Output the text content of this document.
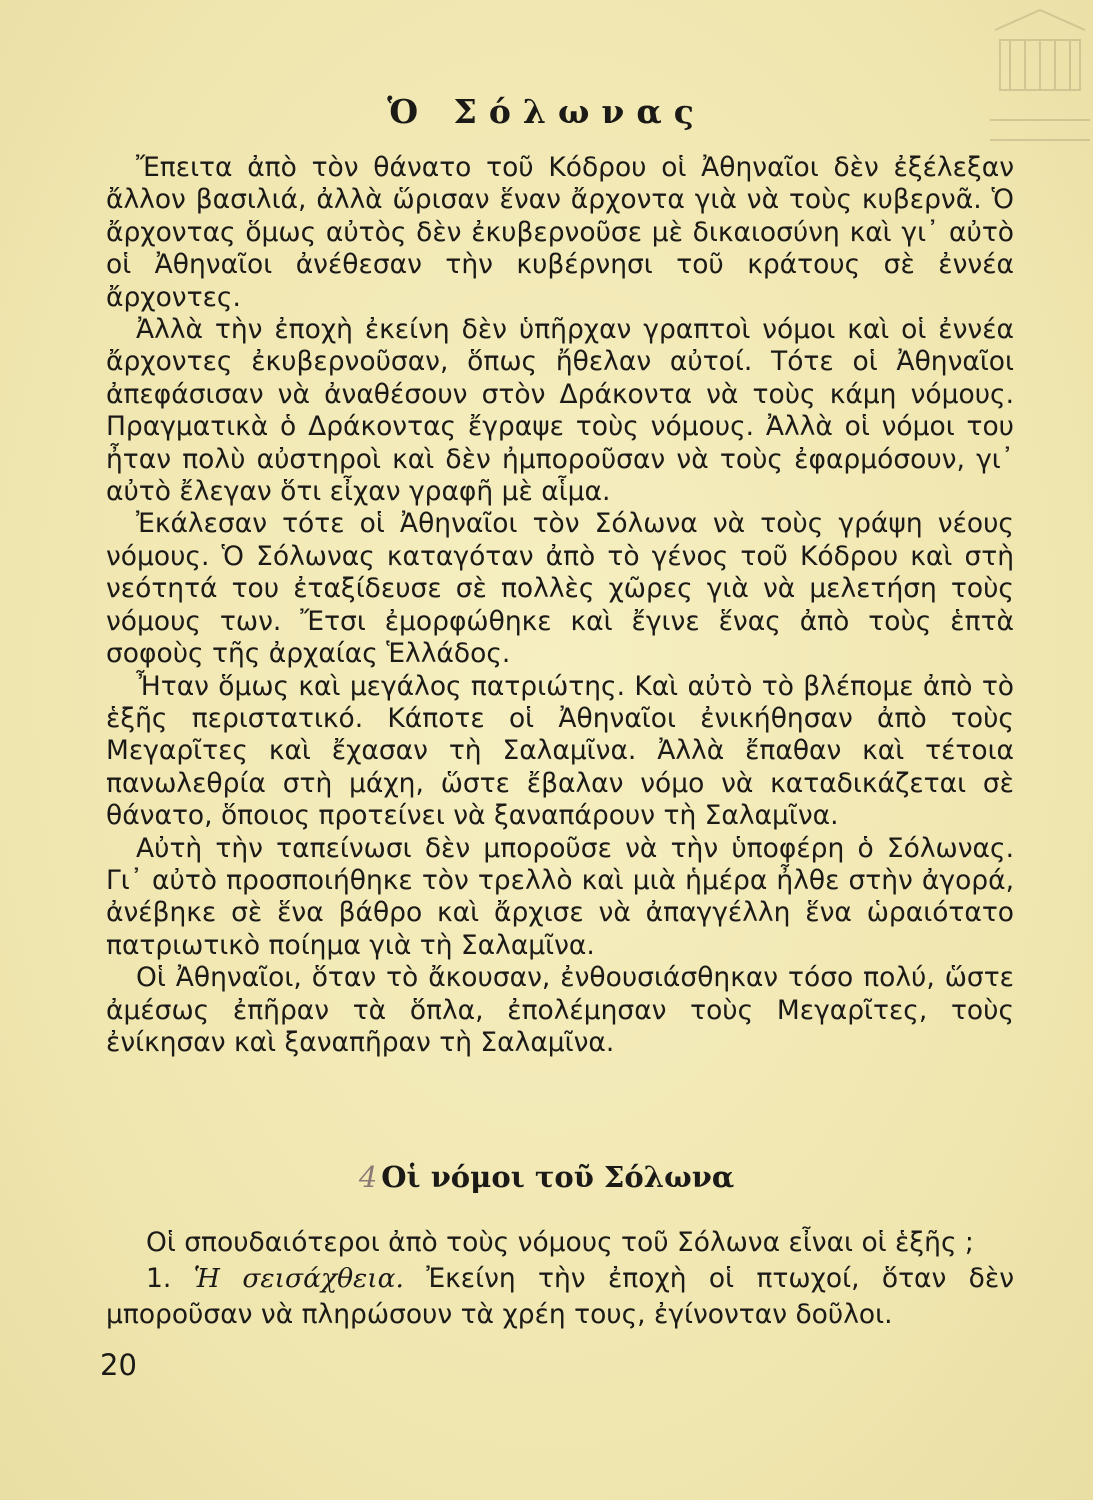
Ὁ Σόλωνας

Ἔπειτα ἀπὸ τὸν θάνατο τοῦ Κόδρου οἱ Ἀθηναῖοι δὲν ἐξέλεξαν ἄλλον βασιλιά, ἀλλὰ ὥρισαν ἕναν ἄρχοντα γιὰ νὰ τοὺς κυβερνᾶ. Ὁ ἄρχοντας ὅμως αὐτὸς δὲν ἐκυβερνοῦσε μὲ δικαιοσύνη καὶ γι᾽ αὐτὸ οἱ Ἀθηναῖοι ἀνέθεσαν τὴν κυβέρνησι τοῦ κράτους σὲ ἐννέα ἄρχοντες.

Ἀλλὰ τὴν ἐποχὴ ἐκείνη δὲν ὑπῆρχαν γραπτοὶ νόμοι καὶ οἱ ἐννέα ἄρχοντες ἐκυβερνοῦσαν, ὅπως ἤθελαν αὐτοί. Τότε οἱ Ἀθηναῖοι ἀπεφάσισαν νὰ ἀναθέσουν στὸν Δράκοντα νὰ τοὺς κάμη νόμους. Πραγματικὰ ὁ Δράκοντας ἔγραψε τοὺς νόμους. Ἀλλὰ οἱ νόμοι του ἦταν πολὺ αὐστηροὶ καὶ δὲν ἠμποροῦσαν νὰ τοὺς ἐφαρμόσουν, γι᾽ αὐτὸ ἔλεγαν ὅτι εἶχαν γραφῆ μὲ αἷμα.

Ἐκάλεσαν τότε οἱ Ἀθηναῖοι τὸν Σόλωνα νὰ τοὺς γράψη νέους νόμους. Ὁ Σόλωνας καταγόταν ἀπὸ τὸ γένος τοῦ Κόδρου καὶ στὴ νεότητά του ἐταξίδευσε σὲ πολλὲς χῶρες γιὰ νὰ μελετήση τοὺς νόμους των. Ἔτσι ἐμορφώθηκε καὶ ἔγινε ἕνας ἀπὸ τοὺς ἑπτὰ σοφοὺς τῆς ἀρχαίας Ἑλλάδος.

Ἦταν ὅμως καὶ μεγάλος πατριώτης. Καὶ αὐτὸ τὸ βλέπομε ἀπὸ τὸ ἑξῆς περιστατικό. Κάποτε οἱ Ἀθηναῖοι ἐνικήθησαν ἀπὸ τοὺς Μεγαρῖτες καὶ ἔχασαν τὴ Σαλαμῖνα. Ἀλλὰ ἔπαθαν καὶ τέτοια πανωλεθρία στὴ μάχη, ὥστε ἔβαλαν νόμο νὰ καταδικάζεται σὲ θάνατο, ὅποιος προτείνει νὰ ξαναπάρουν τὴ Σαλαμῖνα.

Αὐτὴ τὴν ταπείνωσι δὲν μποροῦσε νὰ τὴν ὑποφέρη ὁ Σόλωνας. Γι᾽ αὐτὸ προσποιήθηκε τὸν τρελλὸ καὶ μιὰ ἡμέρα ἦλθε στὴν ἀγορά, ἀνέβηκε σὲ ἕνα βάθρο καὶ ἄρχισε νὰ ἀπαγγέλλη ἕνα ὡραιότατο πατριωτικὸ ποίημα γιὰ τὴ Σαλαμῖνα.

Οἱ Ἀθηναῖοι, ὅταν τὸ ἄκουσαν, ἐνθουσιάσθηκαν τόσο πολύ, ὥστε ἀμέσως ἐπῆραν τὰ ὅπλα, ἐπολέμησαν τοὺς Μεγαρῖτες, τοὺς ἐνίκησαν καὶ ξαναπῆραν τὴ Σαλαμῖνα.

4 Οἱ νόμοι τοῦ Σόλωνα

Οἱ σπουδαιότεροι ἀπὸ τοὺς νόμους τοῦ Σόλωνα εἶναι οἱ ἑξῆς ;

1. Ἡ σεισάχθεια. Ἐκείνη τὴν ἐποχὴ οἱ πτωχοί, ὅταν δὲν μποροῦσαν νὰ πληρώσουν τὰ χρέη τους, ἐγίνονταν δοῦλοι.

20
